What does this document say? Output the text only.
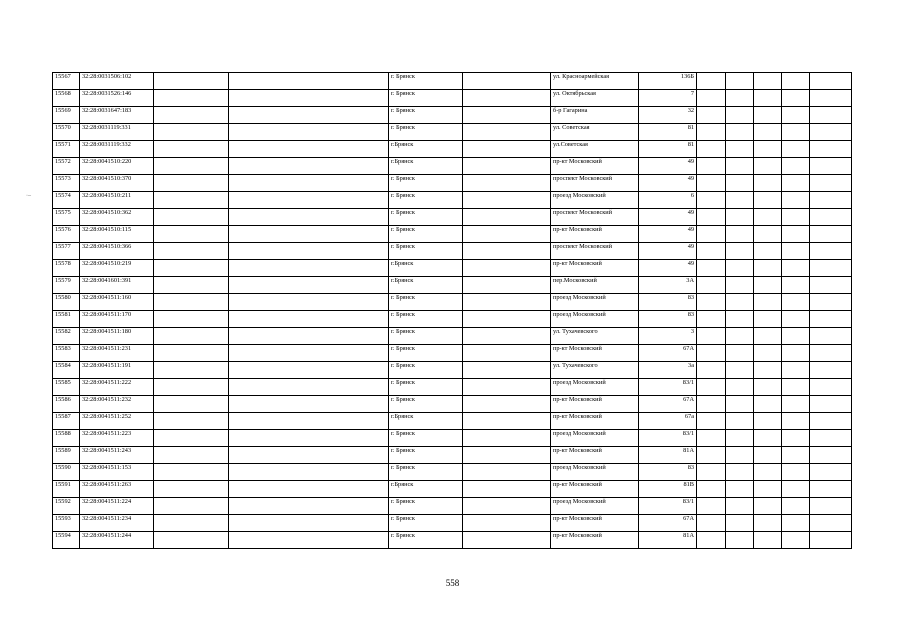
15567	32:28:0031506:102			г. Брянск		ул. Красноармейская	136Б					
15568	32:28:0031526:146			г. Брянск		ул. Октябрьская	7					
15569	32:28:0031647:183			г. Брянск		б-р Гагарина	32					
15570	32:28:0031119:331			г. Брянск		ул. Советская	81					
15571	32:28:0031119:332			г.Брянск		ул.Советская	81					
15572	32:28:0041510:220			г.Брянск		пр-кт Московский	49					
15573	32:28:0041510:370			г. Брянск		проспект Московский	49					
15574	32:28:0041510:211			г. Брянск		проезд Московский	6					
15575	32:28:0041510:362			г. Брянск		проспект Московский	49					
15576	32:28:0041510:115			г. Брянск		пр-кт Московский	49					
15577	32:28:0041510:366			г. Брянск		проспект Московский	49					
15578	32:28:0041510:219			г.Брянск		пр-кт Московский	49					
15579	32:28:0041601:391			г.Брянск		пер.Московский	3А					
15580	32:28:0041511:160			г. Брянск		проезд Московский	83					
15581	32:28:0041511:170			г. Брянск		проезд Московский	83					
15582	32:28:0041511:180			г. Брянск		ул. Тухачевского	3					
15583	32:28:0041511:231			г. Брянск		пр-кт Московский	67А					
15584	32:28:0041511:191			г. Брянск		ул. Тухачевского	3а					
15585	32:28:0041511:222			г. Брянск		проезд Московский	83/1					
15586	32:28:0041511:232			г. Брянск		пр-кт Московский	67А					
15587	32:28:0041511:252			г.Брянск		пр-кт Московский	67а					
15588	32:28:0041511:223			г. Брянск		проезд Московский	83/1					
15589	32:28:0041511:243			г. Брянск		пр-кт Московский	81А					
15590	32:28:0041511:153			г. Брянск		проезд Московский	83					
15591	32:28:0041511:263			г.Брянск		пр-кт Московский	81В					
15592	32:28:0041511:224			г. Брянск		проезд Московский	83/1					
15593	32:28:0041511:234			г. Брянск		пр-кт Московский	67А					
15594	32:28:0041511:244			г. Брянск		пр-кт Московский	81А					
·–
558
